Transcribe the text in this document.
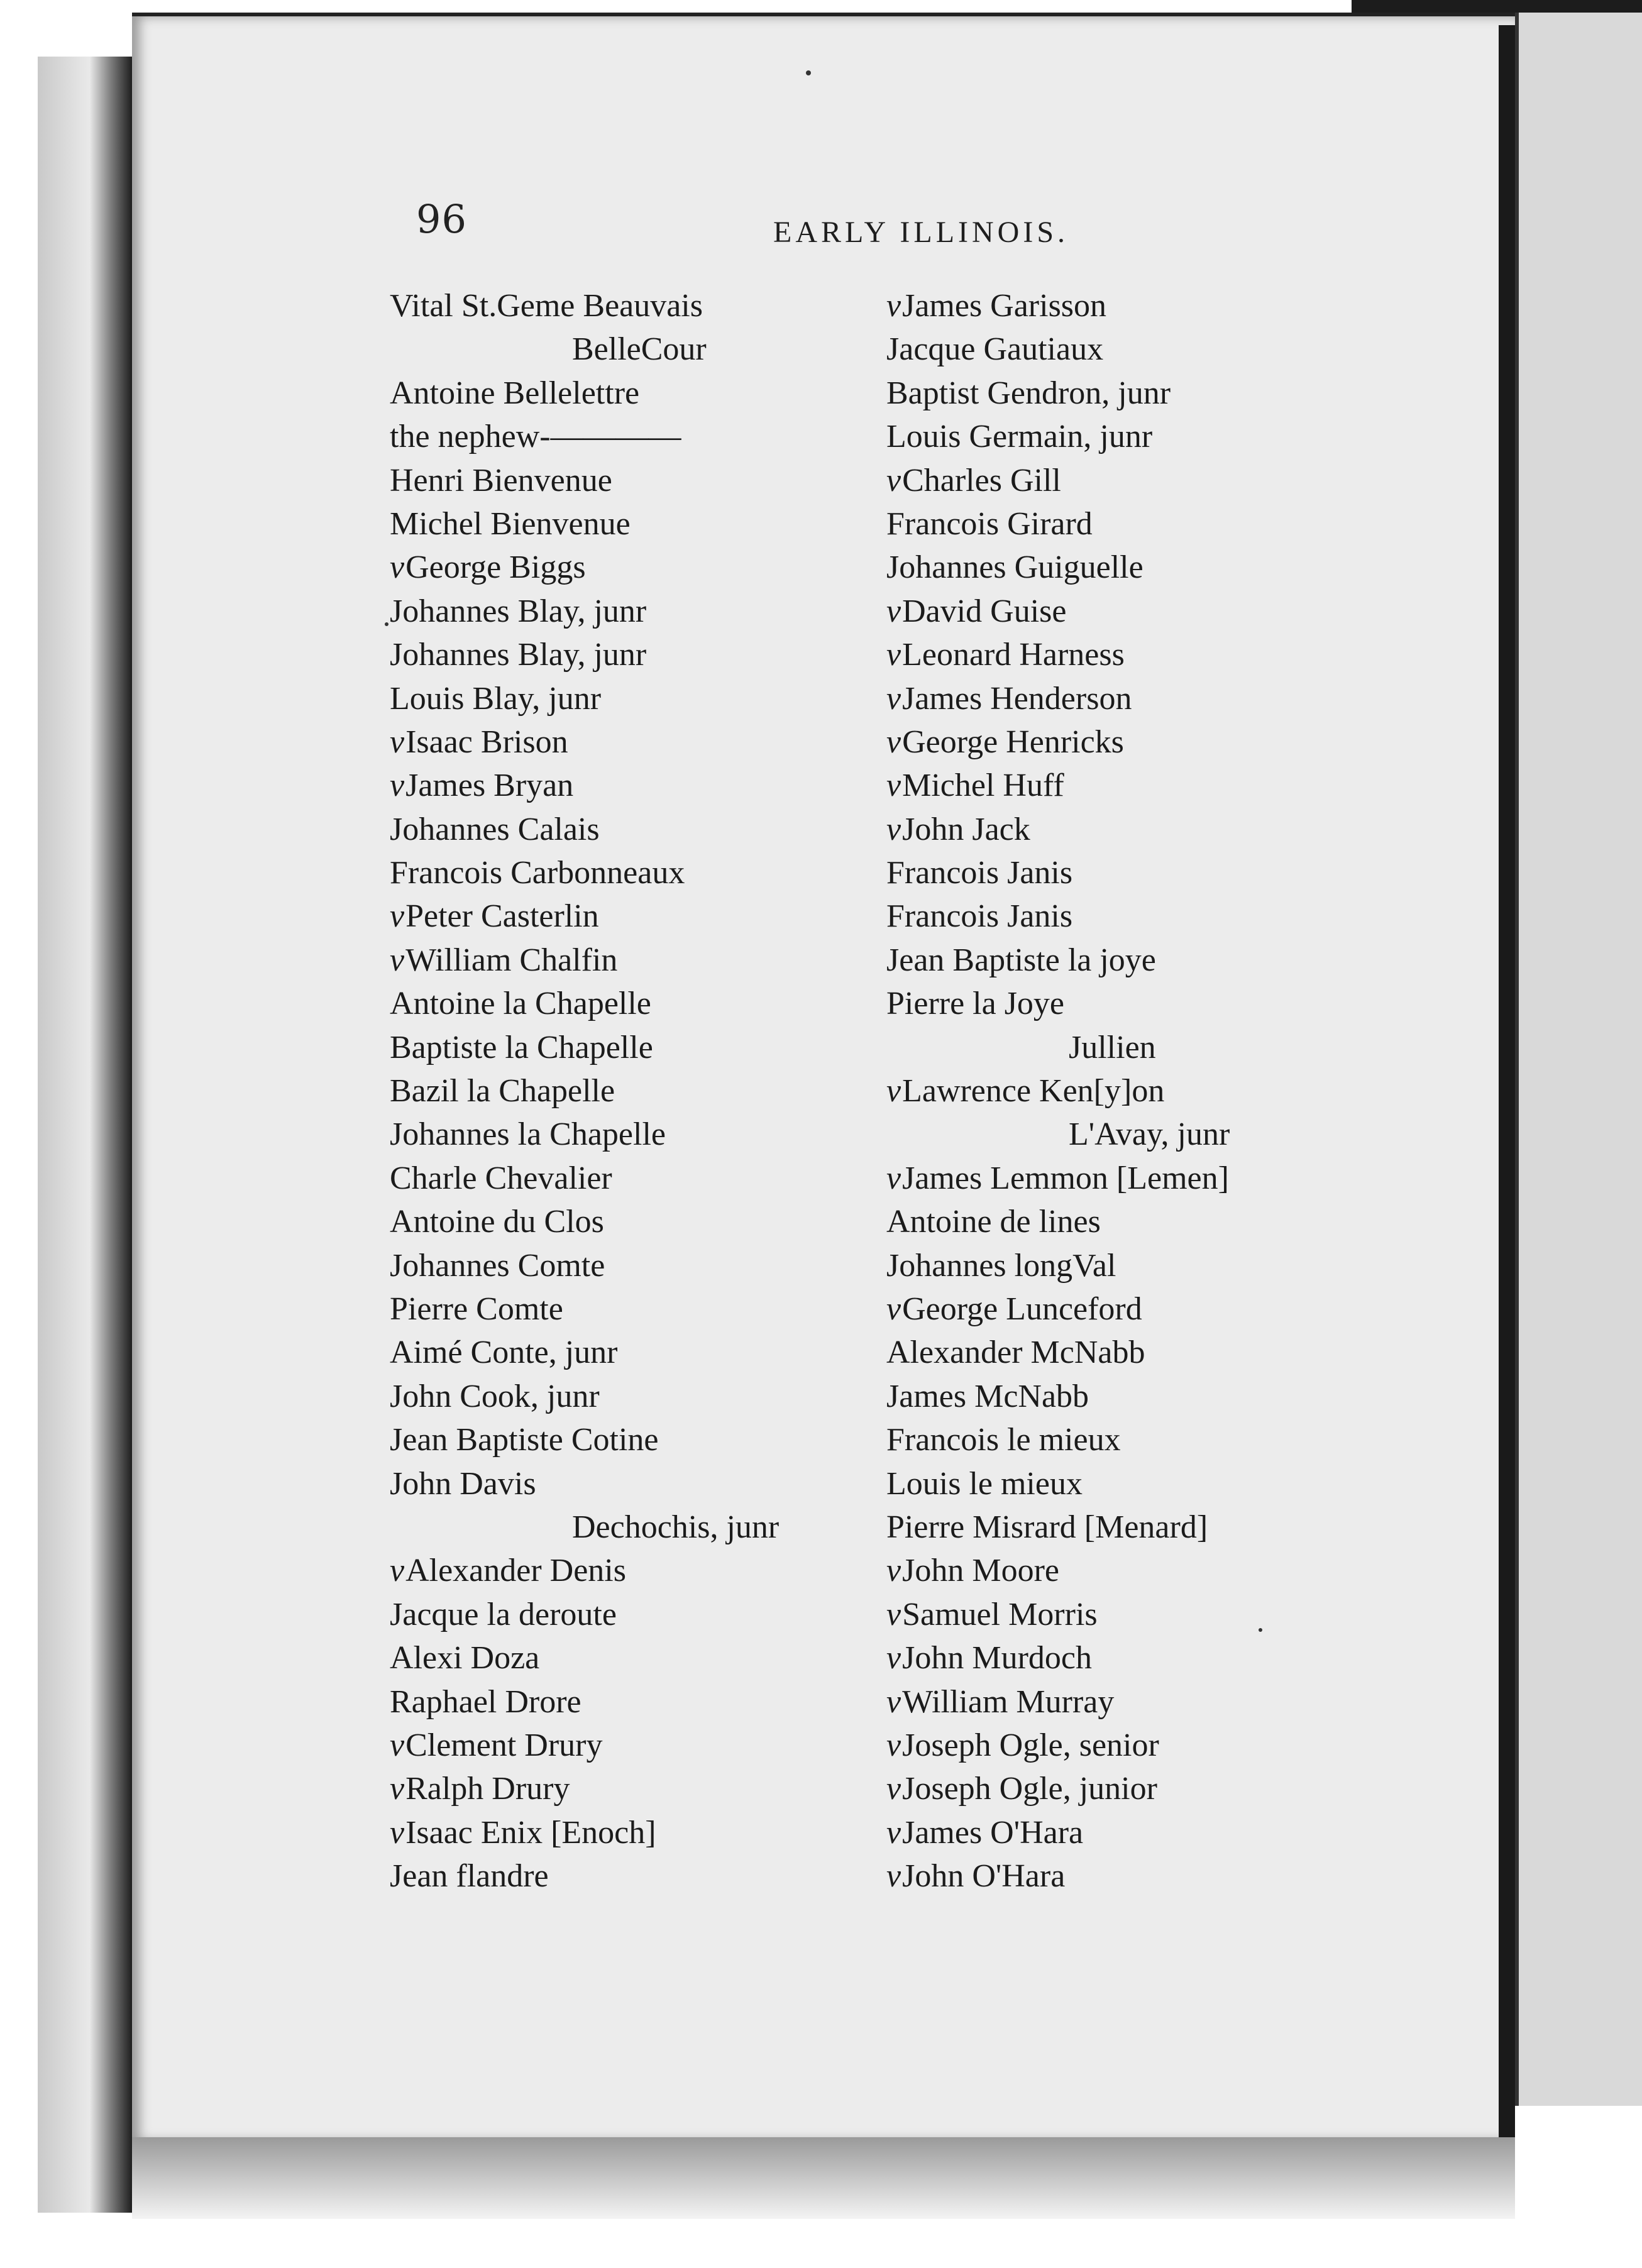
96	EARLY ILLINOIS.
Vital St.Geme Beauvais
BelleCour
Antoine Bellelettre
the nephew-————
Henri Bienvenue
Michel Bienvenue
vGeorge Biggs
Johannes Blay, junr
Johannes Blay, junr
Louis Blay, junr
vIsaac Brison
vJames Bryan
Johannes Calais
Francois Carbonneaux
vPeter Casterlin
vWilliam Chalfin
Antoine la Chapelle
Baptiste la Chapelle
Bazil la Chapelle
Johannes la Chapelle
Charle Chevalier
Antoine du Clos
Johannes Comte
Pierre Comte
Aimé Conte, junr
John Cook, junr
Jean Baptiste Cotine
John Davis
Dechochis, junr
vAlexander Denis
Jacque la deroute
Alexi Doza
Raphael Drore
vClement Drury
vRalph Drury
vIsaac Enix [Enoch]
Jean flandre
vJames Garisson
Jacque Gautiaux
Baptist Gendron, junr
Louis Germain, junr
vCharles Gill
Francois Girard
Johannes Guiguelle
vDavid Guise
vLeonard Harness
vJames Henderson
vGeorge Henricks
vMichel Huff
vJohn Jack
Francois Janis
Francois Janis
Jean Baptiste la joye
Pierre la Joye
Jullien
vLawrence Ken[y]on
L'Avay, junr
vJames Lemmon [Lemen]
Antoine de lines
Johannes longVal
vGeorge Lunceford
Alexander McNabb
James McNabb
Francois le mieux
Louis le mieux
Pierre Misrard [Menard]
vJohn Moore
vSamuel Morris
vJohn Murdoch
vWilliam Murray
vJoseph Ogle, senior
vJoseph Ogle, junior
vJames O'Hara
vJohn O'Hara
